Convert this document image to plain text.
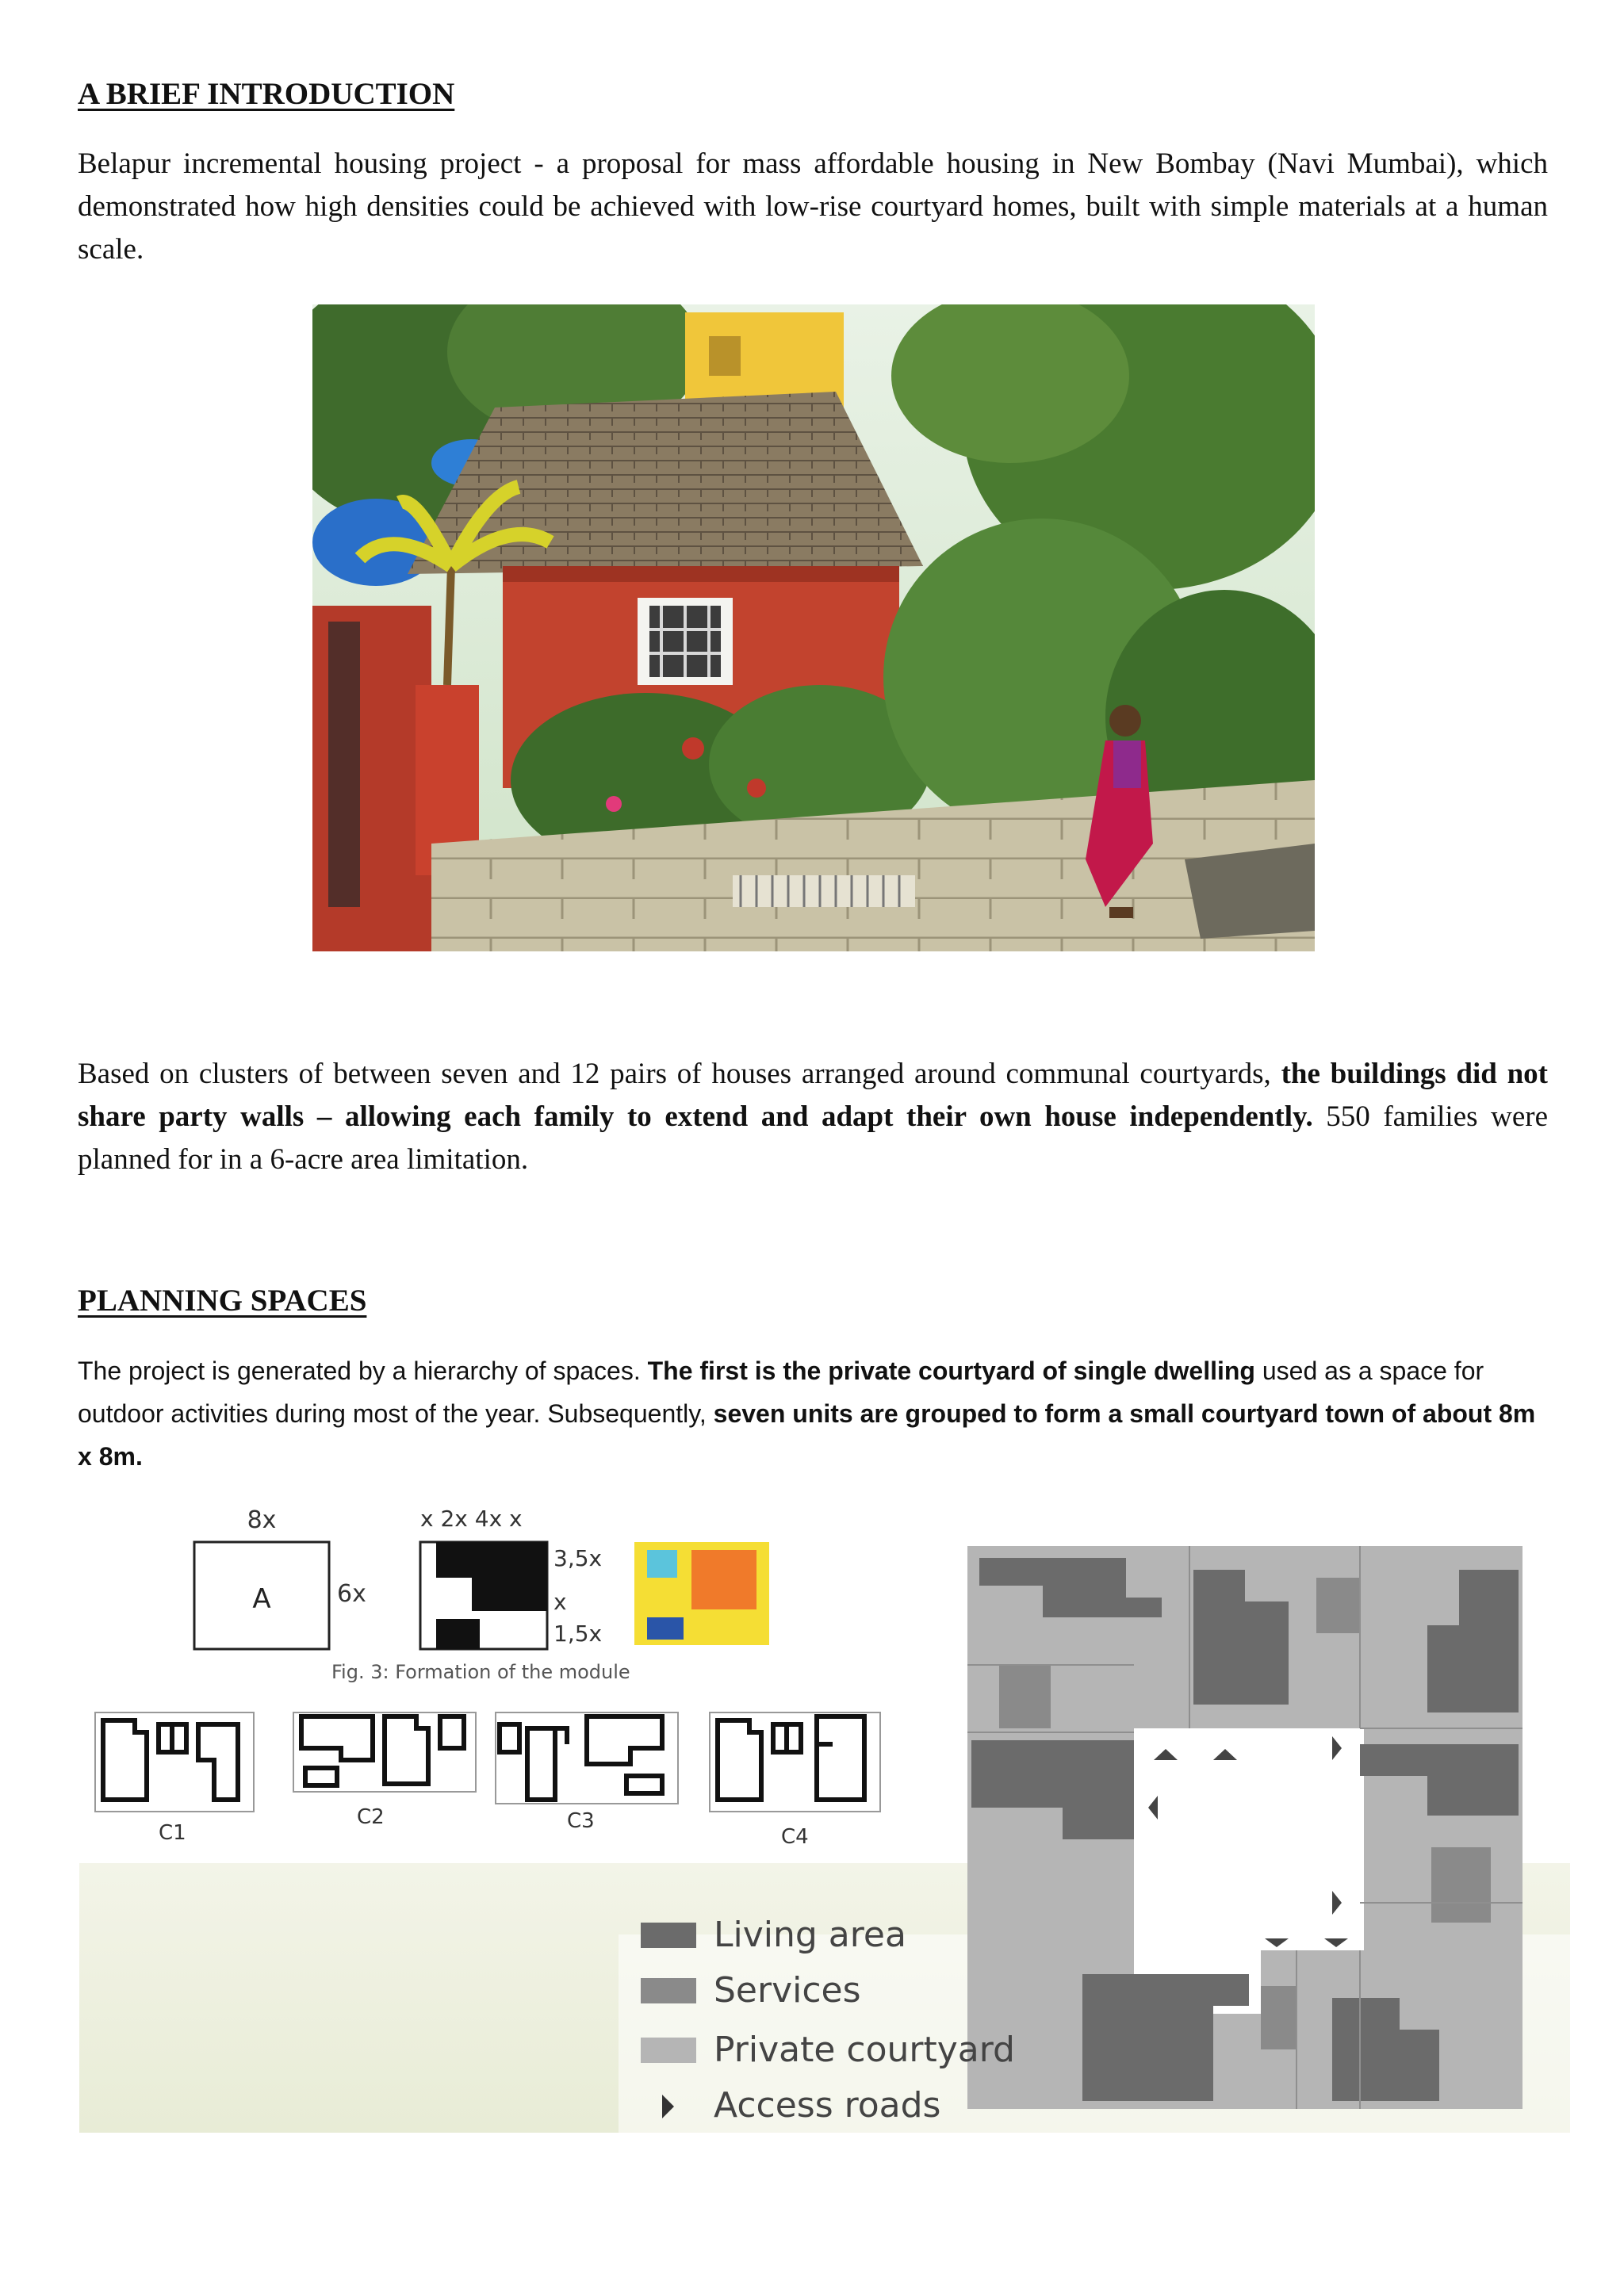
A BRIEF INTRODUCTION

Belapur incremental housing project - a proposal for mass affordable housing in New Bombay (Navi Mumbai), which demonstrated how high densities could be achieved with low-rise courtyard homes, built with simple materials at a human scale.

Based on clusters of between seven and 12 pairs of houses arranged around communal courtyards, the buildings did not share party walls – allowing each family to extend and adapt their own house independently. 550 families were planned for in a 6-acre area limitation.

PLANNING SPACES

The project is generated by a hierarchy of spaces. The first is the private courtyard of single dwelling used as a space for outdoor activities during most of the year. Subsequently, seven units are grouped to form a small courtyard town of about 8m x 8m.

A
8x
6x
x 2x 4x x
3,5x
x
1,5x
Fig. 3: Formation of the module
C1
C2	C3
C4
Living area
Services
Private courtyard
Access roads
